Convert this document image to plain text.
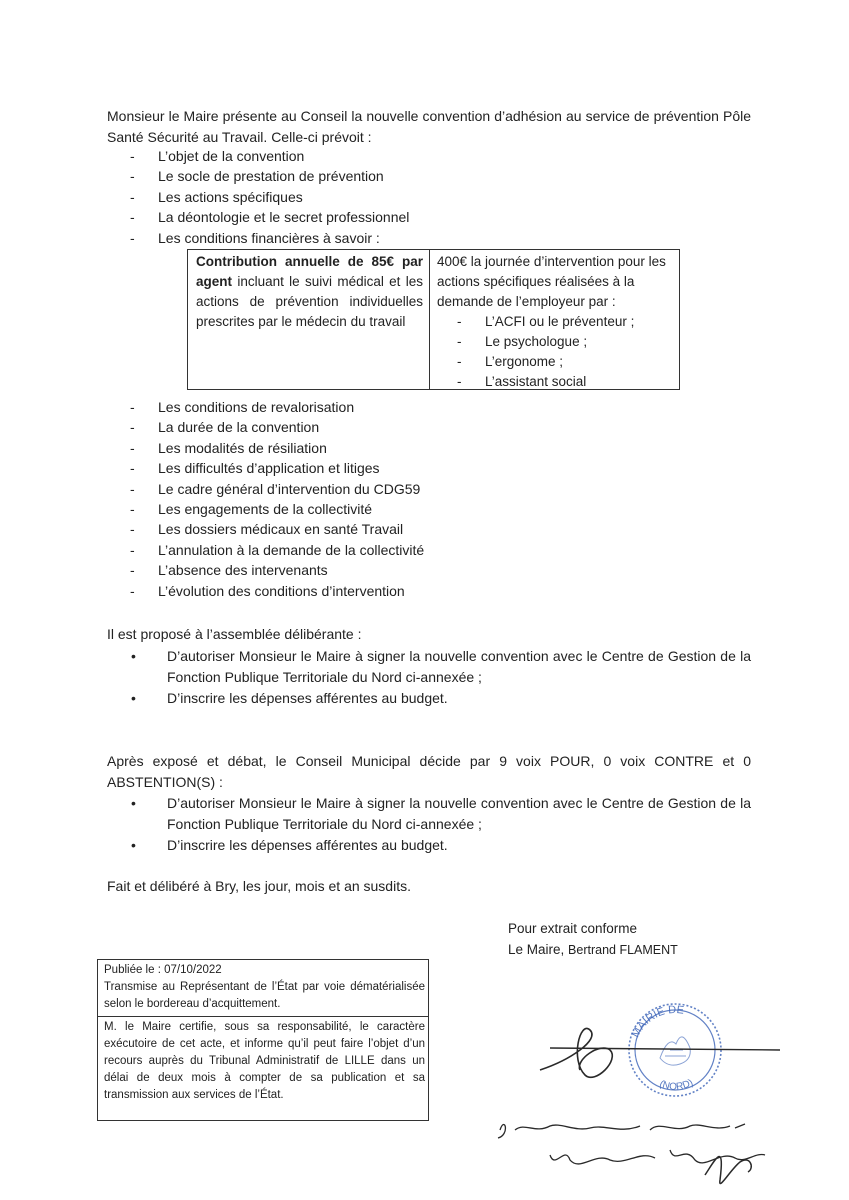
Monsieur le Maire présente au Conseil la nouvelle convention d’adhésion au service de prévention Pôle Santé Sécurité au Travail. Celle-ci prévoit :

- L’objet de la convention
- Le socle de prestation de prévention
- Les actions spécifiques
- La déontologie et le secret professionnel
- Les conditions financières à savoir :
Contribution annuelle de 85€ par agent incluant le suivi médical et les actions de prévention individuelles prescrites par le médecin du travail
400€ la journée d’intervention pour les actions spécifiques réalisées à la demande de l’employeur par :
- L’ACFI ou le préventeur ;
- Le psychologue ;
- L’ergonome ;
- L’assistant social
- Les conditions de revalorisation
- La durée de la convention
- Les modalités de résiliation
- Les difficultés d’application et litiges
- Le cadre général d’intervention du CDG59
- Les engagements de la collectivité
- Les dossiers médicaux en santé Travail
- L’annulation à la demande de la collectivité
- L’absence des intervenants
- L’évolution des conditions d’intervention

Il est proposé à l’assemblée délibérante :

• D’autoriser Monsieur le Maire à signer la nouvelle convention avec le Centre de Gestion de la Fonction Publique Territoriale du Nord ci-annexée ;
• D’inscrire les dépenses afférentes au budget.

Après exposé et débat, le Conseil Municipal décide par 9 voix POUR, 0 voix CONTRE et 0 ABSTENTION(S) :

• D’autoriser Monsieur le Maire à signer la nouvelle convention avec le Centre de Gestion de la Fonction Publique Territoriale du Nord ci-annexée ;
• D’inscrire les dépenses afférentes au budget.

Fait et délibéré à Bry, les jour, mois et an susdits.

Pour extrait conforme
Le Maire, Bertrand FLAMENT

Publiée le : 07/10/2022

Transmise au Représentant de l’État par voie dématérialisée selon le bordereau d’acquittement.

M. le Maire certifie, sous sa responsabilité, le caractère exécutoire de cet acte, et informe qu’il peut faire l’objet d’un recours auprès du Tribunal Administratif de LILLE dans un délai de deux mois à compter de sa publication et sa transmission aux services de l’État.

MAIRIE DE
(NORD)
